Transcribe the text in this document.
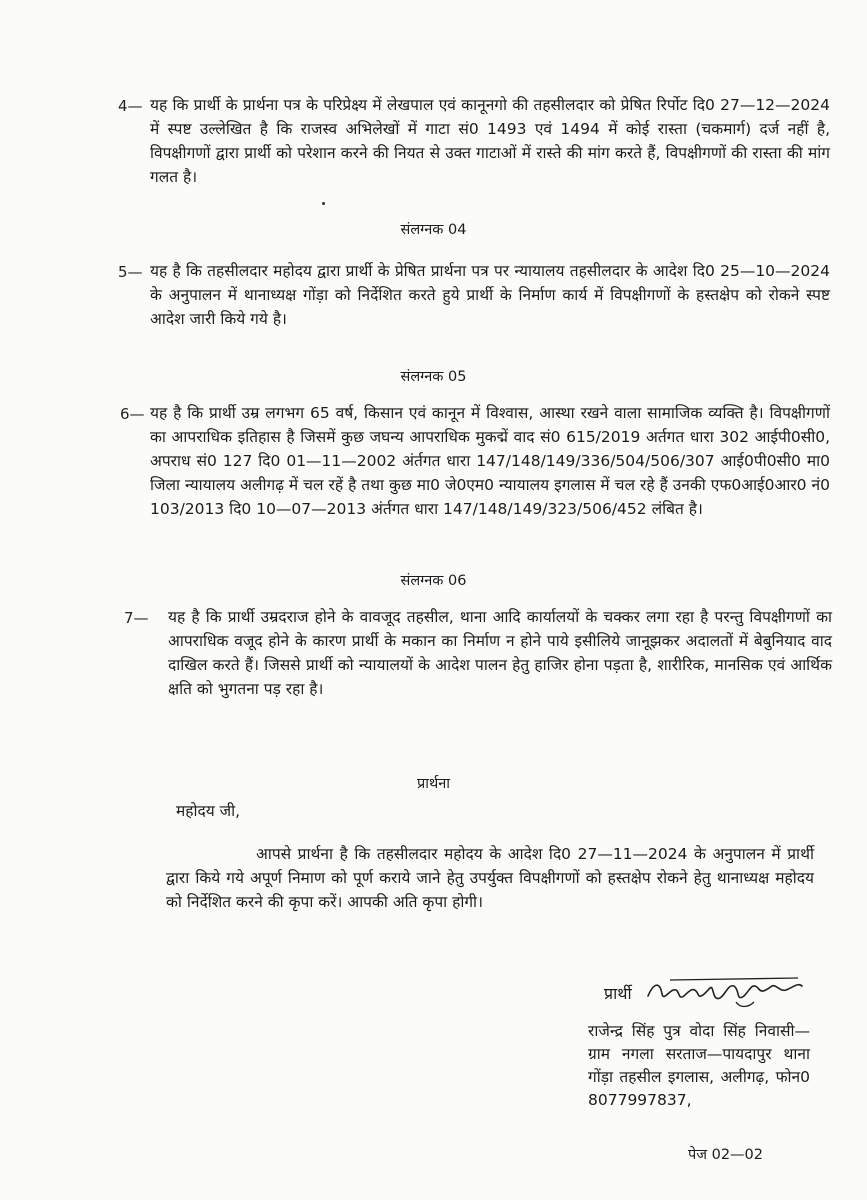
4— यह कि प्रार्थी के प्रार्थना पत्र के परिप्रेक्ष्य में लेखपाल एवं कानूनगो की तहसीलदार को प्रेषित रिर्पोट दि0 27—12—2024 में स्पष्ट उल्लेखित है कि राजस्व अभिलेखों में गाटा सं0 1493 एवं 1494 में कोई रास्ता (चकमार्ग) दर्ज नहीं है, विपक्षीगणों द्वारा प्रार्थी को परेशान करने की नियत से उक्त गाटाओं में रास्ते की मांग करते हैं, विपक्षीगणों की रास्ता की मांग गलत है।
संलग्नक 04
5— यह है कि तहसीलदार महोदय द्वारा प्रार्थी के प्रेषित प्रार्थना पत्र पर न्यायालय तहसीलदार के आदेश दि0 25—10—2024 के अनुपालन में थानाध्यक्ष गोंड़ा को निर्देशित करते हुये प्रार्थी के निर्माण कार्य में विपक्षीगणों के हस्तक्षेप को रोकने स्पष्ट आदेश जारी किये गये है।
संलग्नक 05
6— यह है कि प्रार्थी उम्र लगभग 65 वर्ष, किसान एवं कानून में विश्वास, आस्था रखने वाला सामाजिक व्यक्ति है। विपक्षीगणों का आपराधिक इतिहास है जिसमें कुछ जघन्य आपराधिक मुकद्में वाद सं0 615/2019 अर्तगत धारा 302 आईपी0सी0, अपराध सं0 127 दि0 01—11—2002 अंर्तगत धारा 147/148/149/336/504/506/307 आई0पी0सी0 मा0 जिला न्यायालय अलीगढ़ में चल रहें है तथा कुछ मा0 जे0एम0 न्यायालय इगलास में चल रहे हैं उनकी एफ0आई0आर0 नं0 103/2013 दि0 10—07—2013 अंर्तगत धारा 147/148/149/323/506/452 लंबित है।
संलग्नक 06
7— यह है कि प्रार्थी उम्रदराज होने के वावजूद तहसील, थाना आदि कार्यालयों के चक्कर लगा रहा है परन्तु विपक्षीगणों का आपराधिक वजूद होने के कारण प्रार्थी के मकान का निर्माण न होने पाये इसीलिये जानूझकर अदालतों में बेबुनियाद वाद दाखिल करते हैं। जिससे प्रार्थी को न्यायालयों के आदेश पालन हेतु हाजिर होना पड़ता है, शारीरिक, मानसिक एवं आर्थिक क्षति को भुगतना पड़ रहा है।
प्रार्थना
महोदय जी,
आपसे प्रार्थना है कि तहसीलदार महोदय के आदेश दि0 27—11—2024 के अनुपालन में प्रार्थी द्वारा किये गये अपूर्ण निमाण को पूर्ण कराये जाने हेतु उपर्युक्त विपक्षीगणों को हस्तक्षेप रोकने हेतु थानाध्यक्ष महोदय को निर्देशित करने की कृपा करें। आपकी अति कृपा होगी।
प्रार्थी
राजेन्द्र सिंह पुत्र वोदा सिंह निवासी—ग्राम नगला सरताज—पायदापुर थाना गोंड़ा तहसील इगलास, अलीगढ़, फोन0 8077997837,
पेज 02—02
